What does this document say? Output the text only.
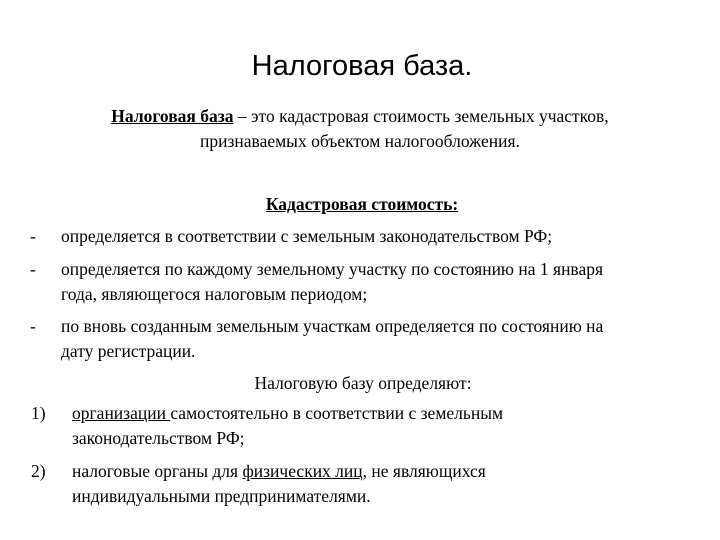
Налоговая база.
Налоговая база – это кадастровая стоимость земельных участков,
признаваемых объектом налогообложения.
Кадастровая стоимость:
-	определяется в соответствии с земельным законодательством РФ;
-	определяется по каждому земельному участку по состоянию на 1 января
года, являющегося налоговым периодом;
-	по вновь созданным земельным участкам определяется по состоянию на
дату регистрации.
Налоговую базу определяют:
1)	организации самостоятельно в соответствии с земельным
законодательством РФ;
2)	налоговые органы для физических лиц, не являющихся
индивидуальными предпринимателями.
